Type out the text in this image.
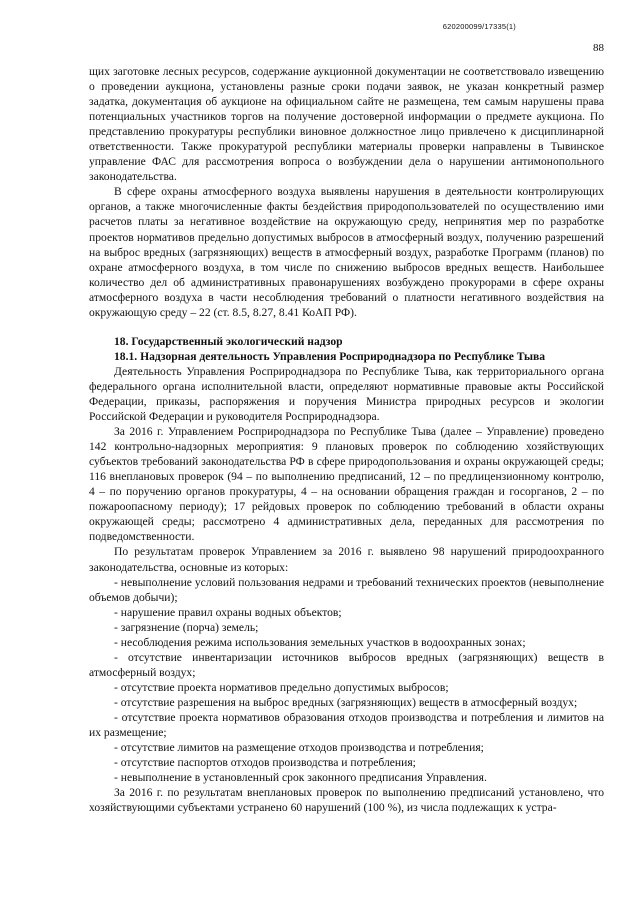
620200099/17335(1)
88

щих заготовке лесных ресурсов, содержание аукционной документации не соответствовало извещению о проведении аукциона, установлены разные сроки подачи заявок, не указан конкретный размер задатка, документация об аукционе на официальном сайте не размещена, тем самым нарушены права потенциальных участников торгов на получение достоверной информации о предмете аукциона. По представлению прокуратуры республики виновное должностное лицо привлечено к дисциплинарной ответственности. Также прокуратурой республики материалы проверки направлены в Тывинское управление ФАС для рассмотрения вопроса о возбуждении дела о нарушении антимонопольного законодательства.

В сфере охраны атмосферного воздуха выявлены нарушения в деятельности контролирующих органов, а также многочисленные факты бездействия природопользователей по осуществлению ими расчетов платы за негативное воздействие на окружающую среду, непринятия мер по разработке проектов нормативов предельно допустимых выбросов в атмосферный воздух, получению разрешений на выброс вредных (загрязняющих) веществ в атмосферный воздух, разработке Программ (планов) по охране атмосферного воздуха, в том числе по снижению выбросов вредных веществ. Наибольшее количество дел об административных правонарушениях возбуждено прокурорами в сфере охраны атмосферного воздуха в части несоблюдения требований о платности негативного воздействия на окружающую среду – 22 (ст. 8.5, 8.27, 8.41 КоАП РФ).

18. Государственный экологический надзор

18.1. Надзорная деятельность Управления Росприроднадзора по Республике Тыва

Деятельность Управления Росприроднадзора по Республике Тыва, как территориального органа федерального органа исполнительной власти, определяют нормативные правовые акты Российской Федерации, приказы, распоряжения и поручения Министра природных ресурсов и экологии Российской Федерации и руководителя Росприроднадзора.

За 2016 г. Управлением Росприроднадзора по Республике Тыва (далее – Управление) проведено 142 контрольно-надзорных мероприятия: 9 плановых проверок по соблюдению хозяйствующих субъектов требований законодательства РФ в сфере природопользования и охраны окружающей среды; 116 внеплановых проверок (94 – по выполнению предписаний, 12 – по предлицензионному контролю, 4 – по поручению органов прокуратуры, 4 – на основании обращения граждан и госорганов, 2 – по пожароопасному периоду); 17 рейдовых проверок по соблюдению требований в области охраны окружающей среды; рассмотрено 4 административных дела, переданных для рассмотрения по подведомственности.

По результатам проверок Управлением за 2016 г. выявлено 98 нарушений природоохранного законодательства, основные из которых:

- невыполнение условий пользования недрами и требований технических проектов (невыполнение объемов добычи);

- нарушение правил охраны водных объектов;

- загрязнение (порча) земель;

- несоблюдения режима использования земельных участков в водоохранных зонах;

- отсутствие инвентаризации источников выбросов вредных (загрязняющих) веществ в атмосферный воздух;

- отсутствие проекта нормативов предельно допустимых выбросов;

- отсутствие разрешения на выброс вредных (загрязняющих) веществ в атмосферный воздух;

- отсутствие проекта нормативов образования отходов производства и потребления и лимитов на их размещение;

- отсутствие лимитов на размещение отходов производства и потребления;

- отсутствие паспортов отходов производства и потребления;

- невыполнение в установленный срок законного предписания Управления.

За 2016 г. по результатам внеплановых проверок по выполнению предписаний установлено, что хозяйствующими субъектами устранено 60 нарушений (100 %), из числа подлежащих к устра-
